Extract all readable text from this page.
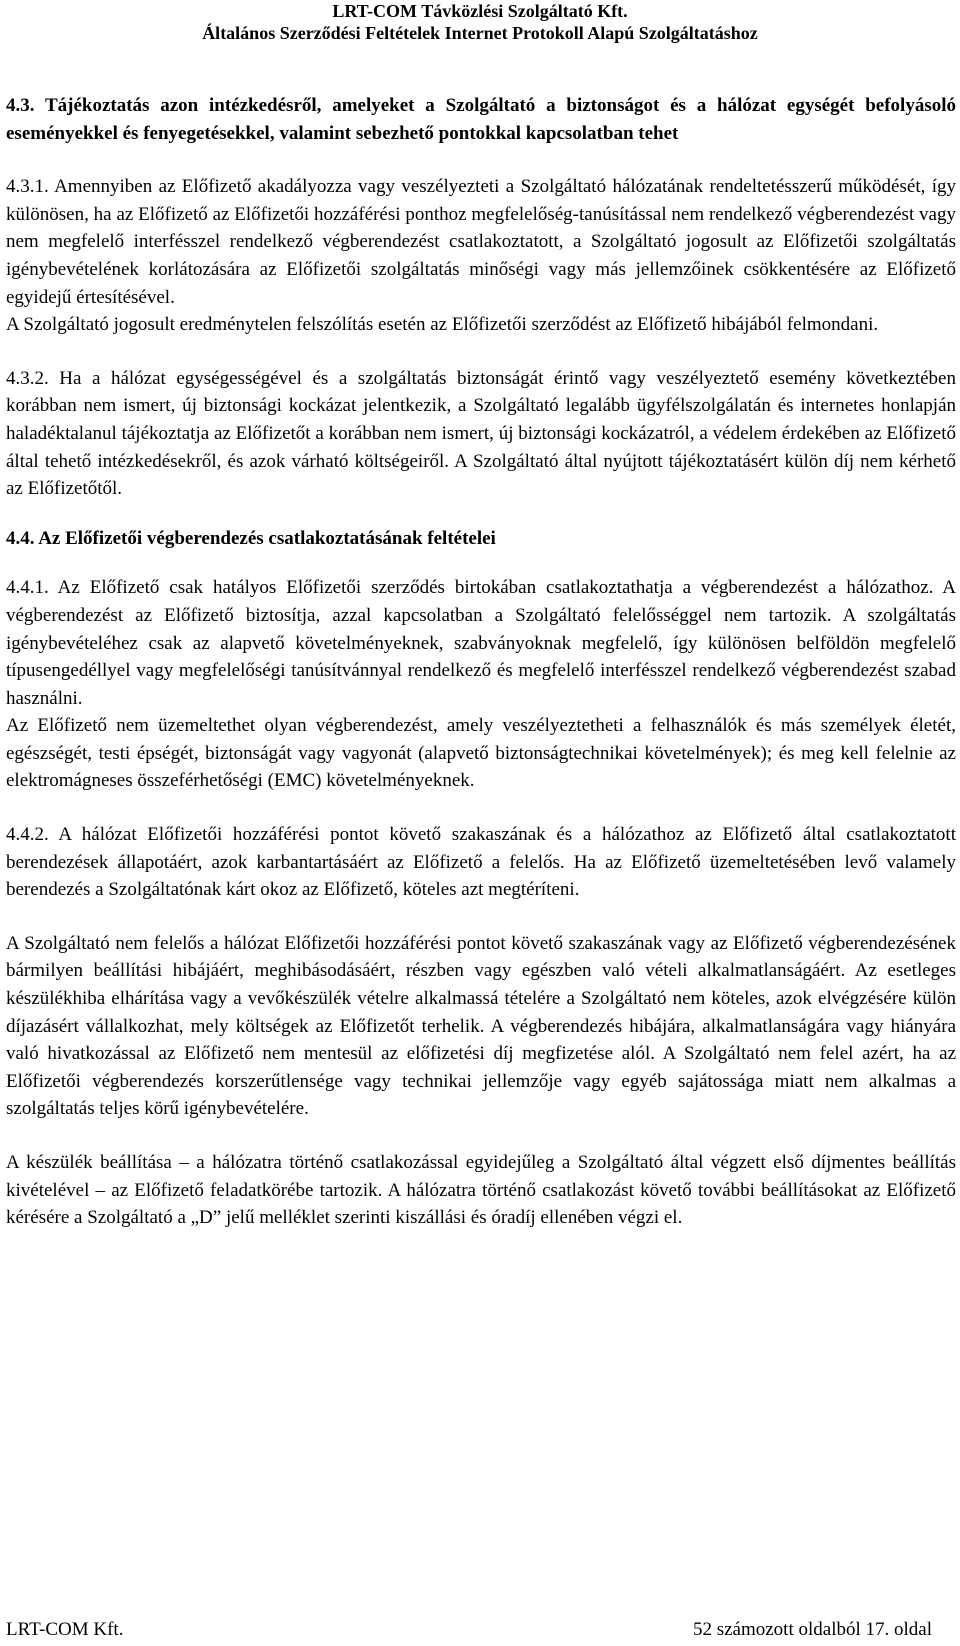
LRT-COM Távközlési Szolgáltató Kft.
Általános Szerződési Feltételek Internet Protokoll Alapú Szolgáltatáshoz

4.3. Tájékoztatás azon intézkedésről, amelyeket a Szolgáltató a biztonságot és a hálózat egységét befolyásoló eseményekkel és fenyegetésekkel, valamint sebezhető pontokkal kapcsolatban tehet

4.3.1. Amennyiben az Előfizető akadályozza vagy veszélyezteti a Szolgáltató hálózatának rendeltetésszerű működését, így különösen, ha az Előfizető az Előfizetői hozzáférési ponthoz megfelelőség-tanúsítással nem rendelkező végberendezést vagy nem megfelelő interfésszel rendelkező végberendezést csatlakoztatott, a Szolgáltató jogosult az Előfizetői szolgáltatás igénybevételének korlátozására az Előfizetői szolgáltatás minőségi vagy más jellemzőinek csökkentésére az Előfizető egyidejű értesítésével.

A Szolgáltató jogosult eredménytelen felszólítás esetén az Előfizetői szerződést az Előfizető hibájából felmondani.

4.3.2. Ha a hálózat egységességével és a szolgáltatás biztonságát érintő vagy veszélyeztető esemény következtében korábban nem ismert, új biztonsági kockázat jelentkezik, a Szolgáltató legalább ügyfélszolgálatán és internetes honlapján haladéktalanul tájékoztatja az Előfizetőt a korábban nem ismert, új biztonsági kockázatról, a védelem érdekében az Előfizető által tehető intézkedésekről, és azok várható költségeiről. A Szolgáltató által nyújtott tájékoztatásért külön díj nem kérhető az Előfizetőtől.

4.4. Az Előfizetői végberendezés csatlakoztatásának feltételei

4.4.1. Az Előfizető csak hatályos Előfizetői szerződés birtokában csatlakoztathatja a végberendezést a hálózathoz. A végberendezést az Előfizető biztosítja, azzal kapcsolatban a Szolgáltató felelősséggel nem tartozik. A szolgáltatás igénybevételéhez csak az alapvető követelményeknek, szabványoknak megfelelő, így különösen belföldön megfelelő típusengedéllyel vagy megfelelőségi tanúsítvánnyal rendelkező és megfelelő interfésszel rendelkező végberendezést szabad használni.

Az Előfizető nem üzemeltethet olyan végberendezést, amely veszélyeztetheti a felhasználók és más személyek életét, egészségét, testi épségét, biztonságát vagy vagyonát (alapvető biztonságtechnikai követelmények); és meg kell felelnie az elektromágneses összeférhetőségi (EMC) követelményeknek.

4.4.2. A hálózat Előfizetői hozzáférési pontot követő szakaszának és a hálózathoz az Előfizető által csatlakoztatott berendezések állapotáért, azok karbantartásáért az Előfizető a felelős. Ha az Előfizető üzemeltetésében levő valamely berendezés a Szolgáltatónak kárt okoz az Előfizető, köteles azt megtéríteni.

A Szolgáltató nem felelős a hálózat Előfizetői hozzáférési pontot követő szakaszának vagy az Előfizető végberendezésének bármilyen beállítási hibájáért, meghibásodásáért, részben vagy egészben való vételi alkalmatlanságáért. Az esetleges készülékhiba elhárítása vagy a vevőkészülék vételre alkalmassá tételére a Szolgáltató nem köteles, azok elvégzésére külön díjazásért vállalkozhat, mely költségek az Előfizetőt terhelik. A végberendezés hibájára, alkalmatlanságára vagy hiányára való hivatkozással az Előfizető nem mentesül az előfizetési díj megfizetése alól. A Szolgáltató nem felel azért, ha az Előfizetői végberendezés korszerűtlensége vagy technikai jellemzője vagy egyéb sajátossága miatt nem alkalmas a szolgáltatás teljes körű igénybevételére.

A készülék beállítása – a hálózatra történő csatlakozással egyidejűleg a Szolgáltató által végzett első díjmentes beállítás kivételével – az Előfizető feladatkörébe tartozik. A hálózatra történő csatlakozást követő további beállításokat az Előfizető kérésére a Szolgáltató a „D” jelű melléklet szerinti kiszállási és óradíj ellenében végzi el.

LRT-COM Kft.	52 számozott oldalból 17. oldal
